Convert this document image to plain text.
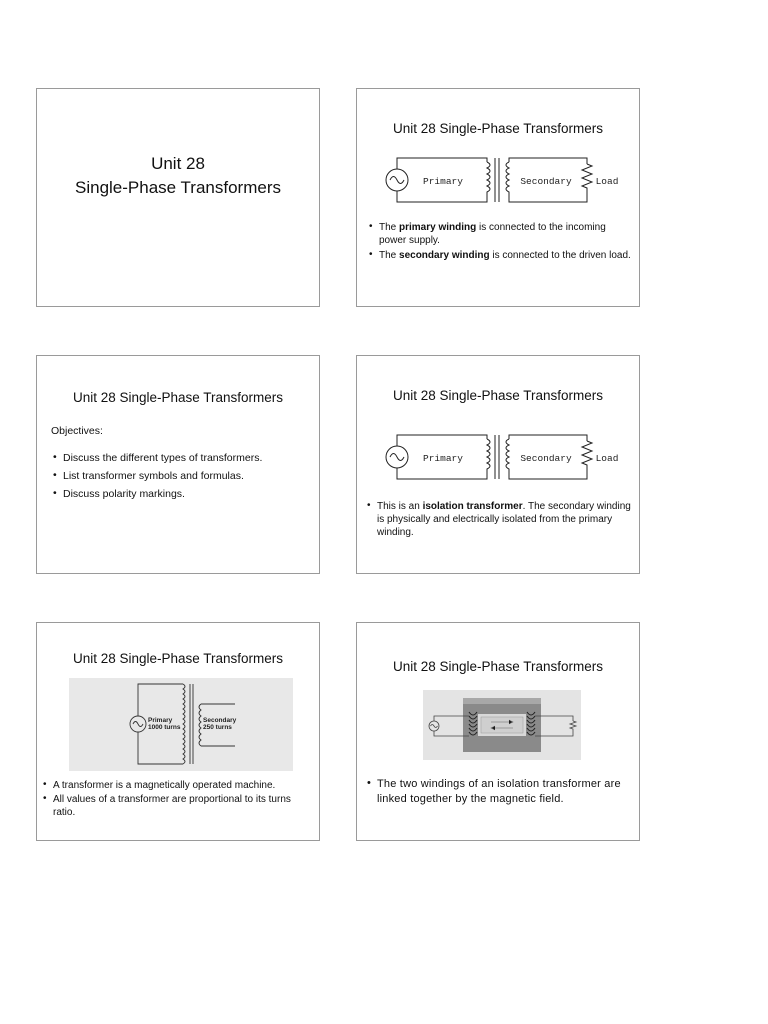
Unit 28
Single-Phase Transformers
Unit 28 Single-Phase Transformers
Primary	Secondary	Load
• The primary winding is connected to the incoming power supply.
• The secondary winding is connected to the driven load.
Unit 28 Single-Phase Transformers
Objectives:
• Discuss the different types of transformers.
• List transformer symbols and formulas.
• Discuss polarity markings.
Unit 28 Single-Phase Transformers
Primary	Secondary	Load
• This is an isolation transformer. The secondary winding is physically and electrically isolated from the primary winding.
Unit 28 Single-Phase Transformers
Primary
1000 turns
Secondary
250 turns
• A transformer is a magnetically operated machine.
• All values of a transformer are proportional to its turns ratio.
Unit 28 Single-Phase Transformers
• The two windings of an isolation transformer are linked together by the magnetic field.
